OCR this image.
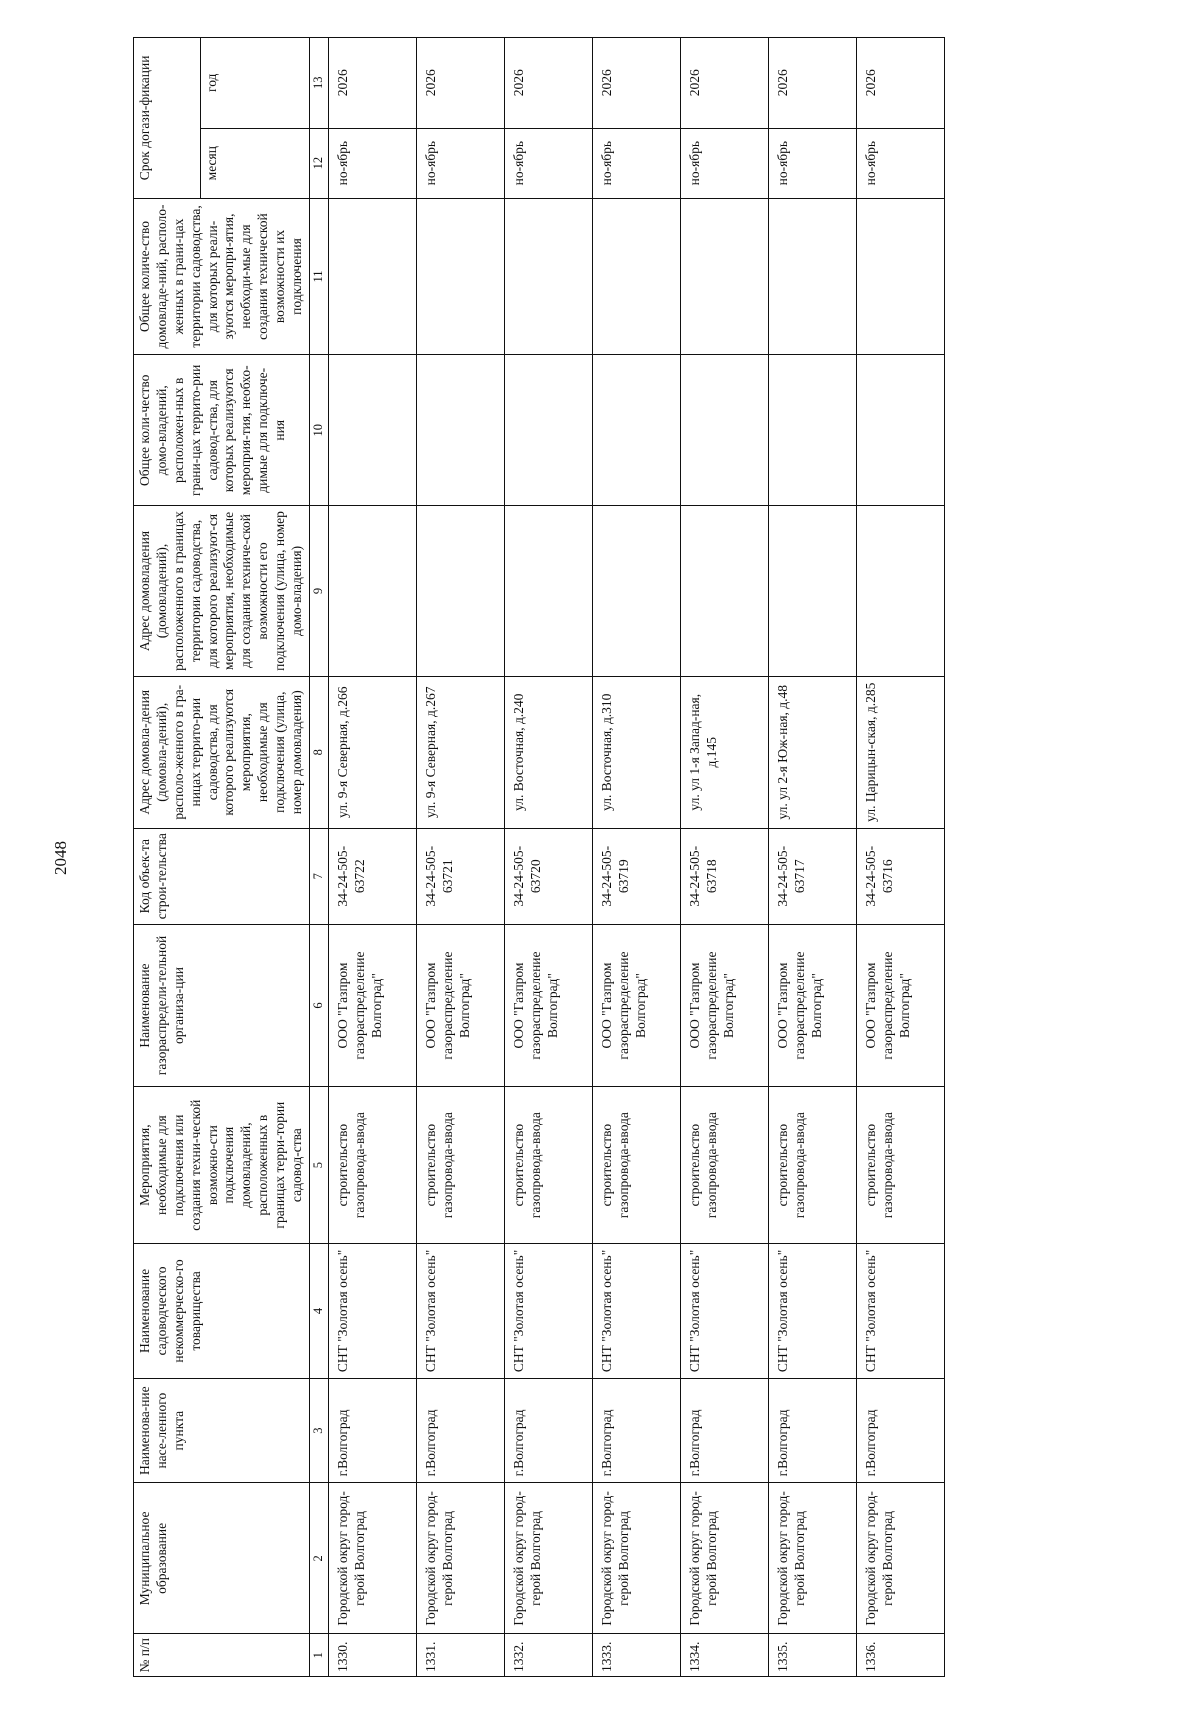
2048
№ п/п	Муниципальное образование	Наименова-ние насе-ленного пункта	Наименование садоводческого некоммерческо-го товарищества	Мероприятия, необходимые для подключения или создания техни-ческой возможно-сти подключения домовладений, расположенных в границах терри-тории садовод-ства	Наименование газораспредели-тельной организа-ции	Код объек-та строи-тельства	Адрес домовла-дения (домовла-дений), располо-женного в гра-ницах террито-рии садоводства, для которого реализуются мероприятия, необходимые для подключения (улица, номер домовладения)	Адрес домовладения (домовладений), расположенного в границах территории садоводства, для которого реализуют-ся мероприятия, необходимые для создания техниче-ской возможности его подключения (улица, номер домо-владения)	Общее коли-чество домо-владений, расположен-ных в грани-цах террито-рии садовод-ства, для которых реализуются мероприя-тия, необхо-димые для подключе-ния	Общее количе-ство домовладе-ний, располо-женных в грани-цах территории садоводства, для которых реали-зуются меропри-ятия, необходи-мые для создания технической возможности их подключения	Срок догази-фикации	
											месяц	год
1	2	3	4	5	6	7	8	9	10	11	12	13
1330.	Городской округ город-герой Волгоград	г.Волгоград	СНТ "Золотая осень"	строительство газопровода-ввода	ООО "Газпром газораспределение Волгоград"	34-24-505-63722	ул. 9-я Северная, д.266				но-ябрь	2026
1331.	Городской округ город-герой Волгоград	г.Волгоград	СНТ "Золотая осень"	строительство газопровода-ввода	ООО "Газпром газораспределение Волгоград"	34-24-505-63721	ул. 9-я Северная, д.267				но-ябрь	2026
1332.	Городской округ город-герой Волгоград	г.Волгоград	СНТ "Золотая осень"	строительство газопровода-ввода	ООО "Газпром газораспределение Волгоград"	34-24-505-63720	ул. Восточная, д.240				но-ябрь	2026
1333.	Городской округ город-герой Волгоград	г.Волгоград	СНТ "Золотая осень"	строительство газопровода-ввода	ООО "Газпром газораспределение Волгоград"	34-24-505-63719	ул. Восточная, д.310				но-ябрь	2026
1334.	Городской округ город-герой Волгоград	г.Волгоград	СНТ "Золотая осень"	строительство газопровода-ввода	ООО "Газпром газораспределение Волгоград"	34-24-505-63718	ул. ул 1-я Запад-ная, д.145				но-ябрь	2026
1335.	Городской округ город-герой Волгоград	г.Волгоград	СНТ "Золотая осень"	строительство газопровода-ввода	ООО "Газпром газораспределение Волгоград"	34-24-505-63717	ул. ул 2-я Юж-ная, д.48				но-ябрь	2026
1336.	Городской округ город-герой Волгоград	г.Волгоград	СНТ "Золотая осень"	строительство газопровода-ввода	ООО "Газпром газораспределение Волгоград"	34-24-505-63716	ул. Царицын-ская, д.285				но-ябрь	2026
